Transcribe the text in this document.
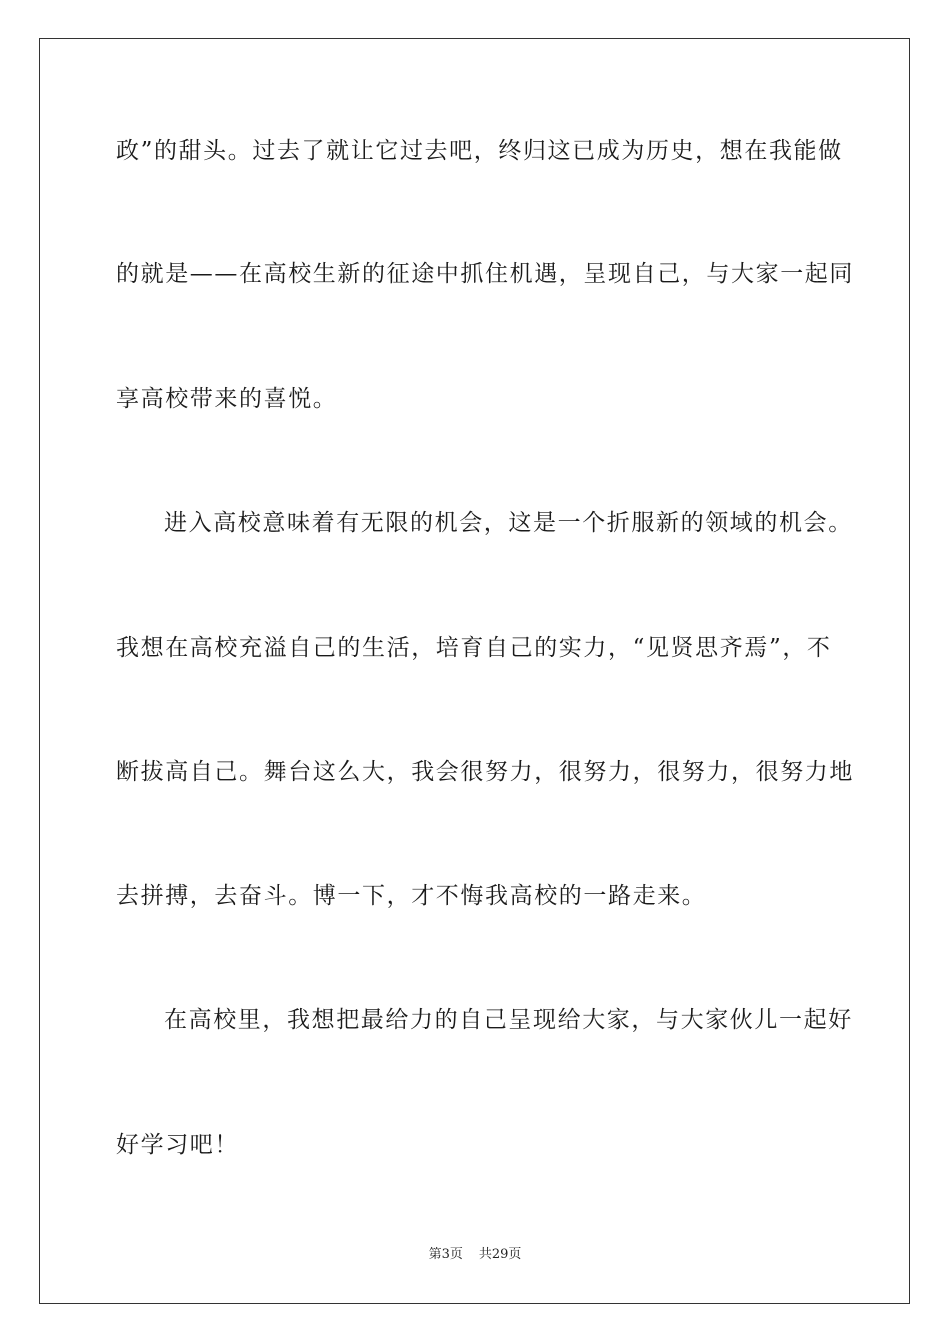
政”的甜头。过去了就让它过去吧，终归这已成为历史，想在我能做
的就是——在高校生新的征途中抓住机遇，呈现自己，与大家一起同
享高校带来的喜悦。
进入高校意味着有无限的机会，这是一个折服新的领域的机会。
我想在高校充溢自己的生活，培育自己的实力，“见贤思齐焉”，不
断拔高自己。舞台这么大，我会很努力，很努力，很努力，很努力地
去拼搏，去奋斗。博一下，才不悔我高校的一路走来。
在高校里，我想把最给力的自己呈现给大家，与大家伙儿一起好
好学习吧！
第3页 共29页
